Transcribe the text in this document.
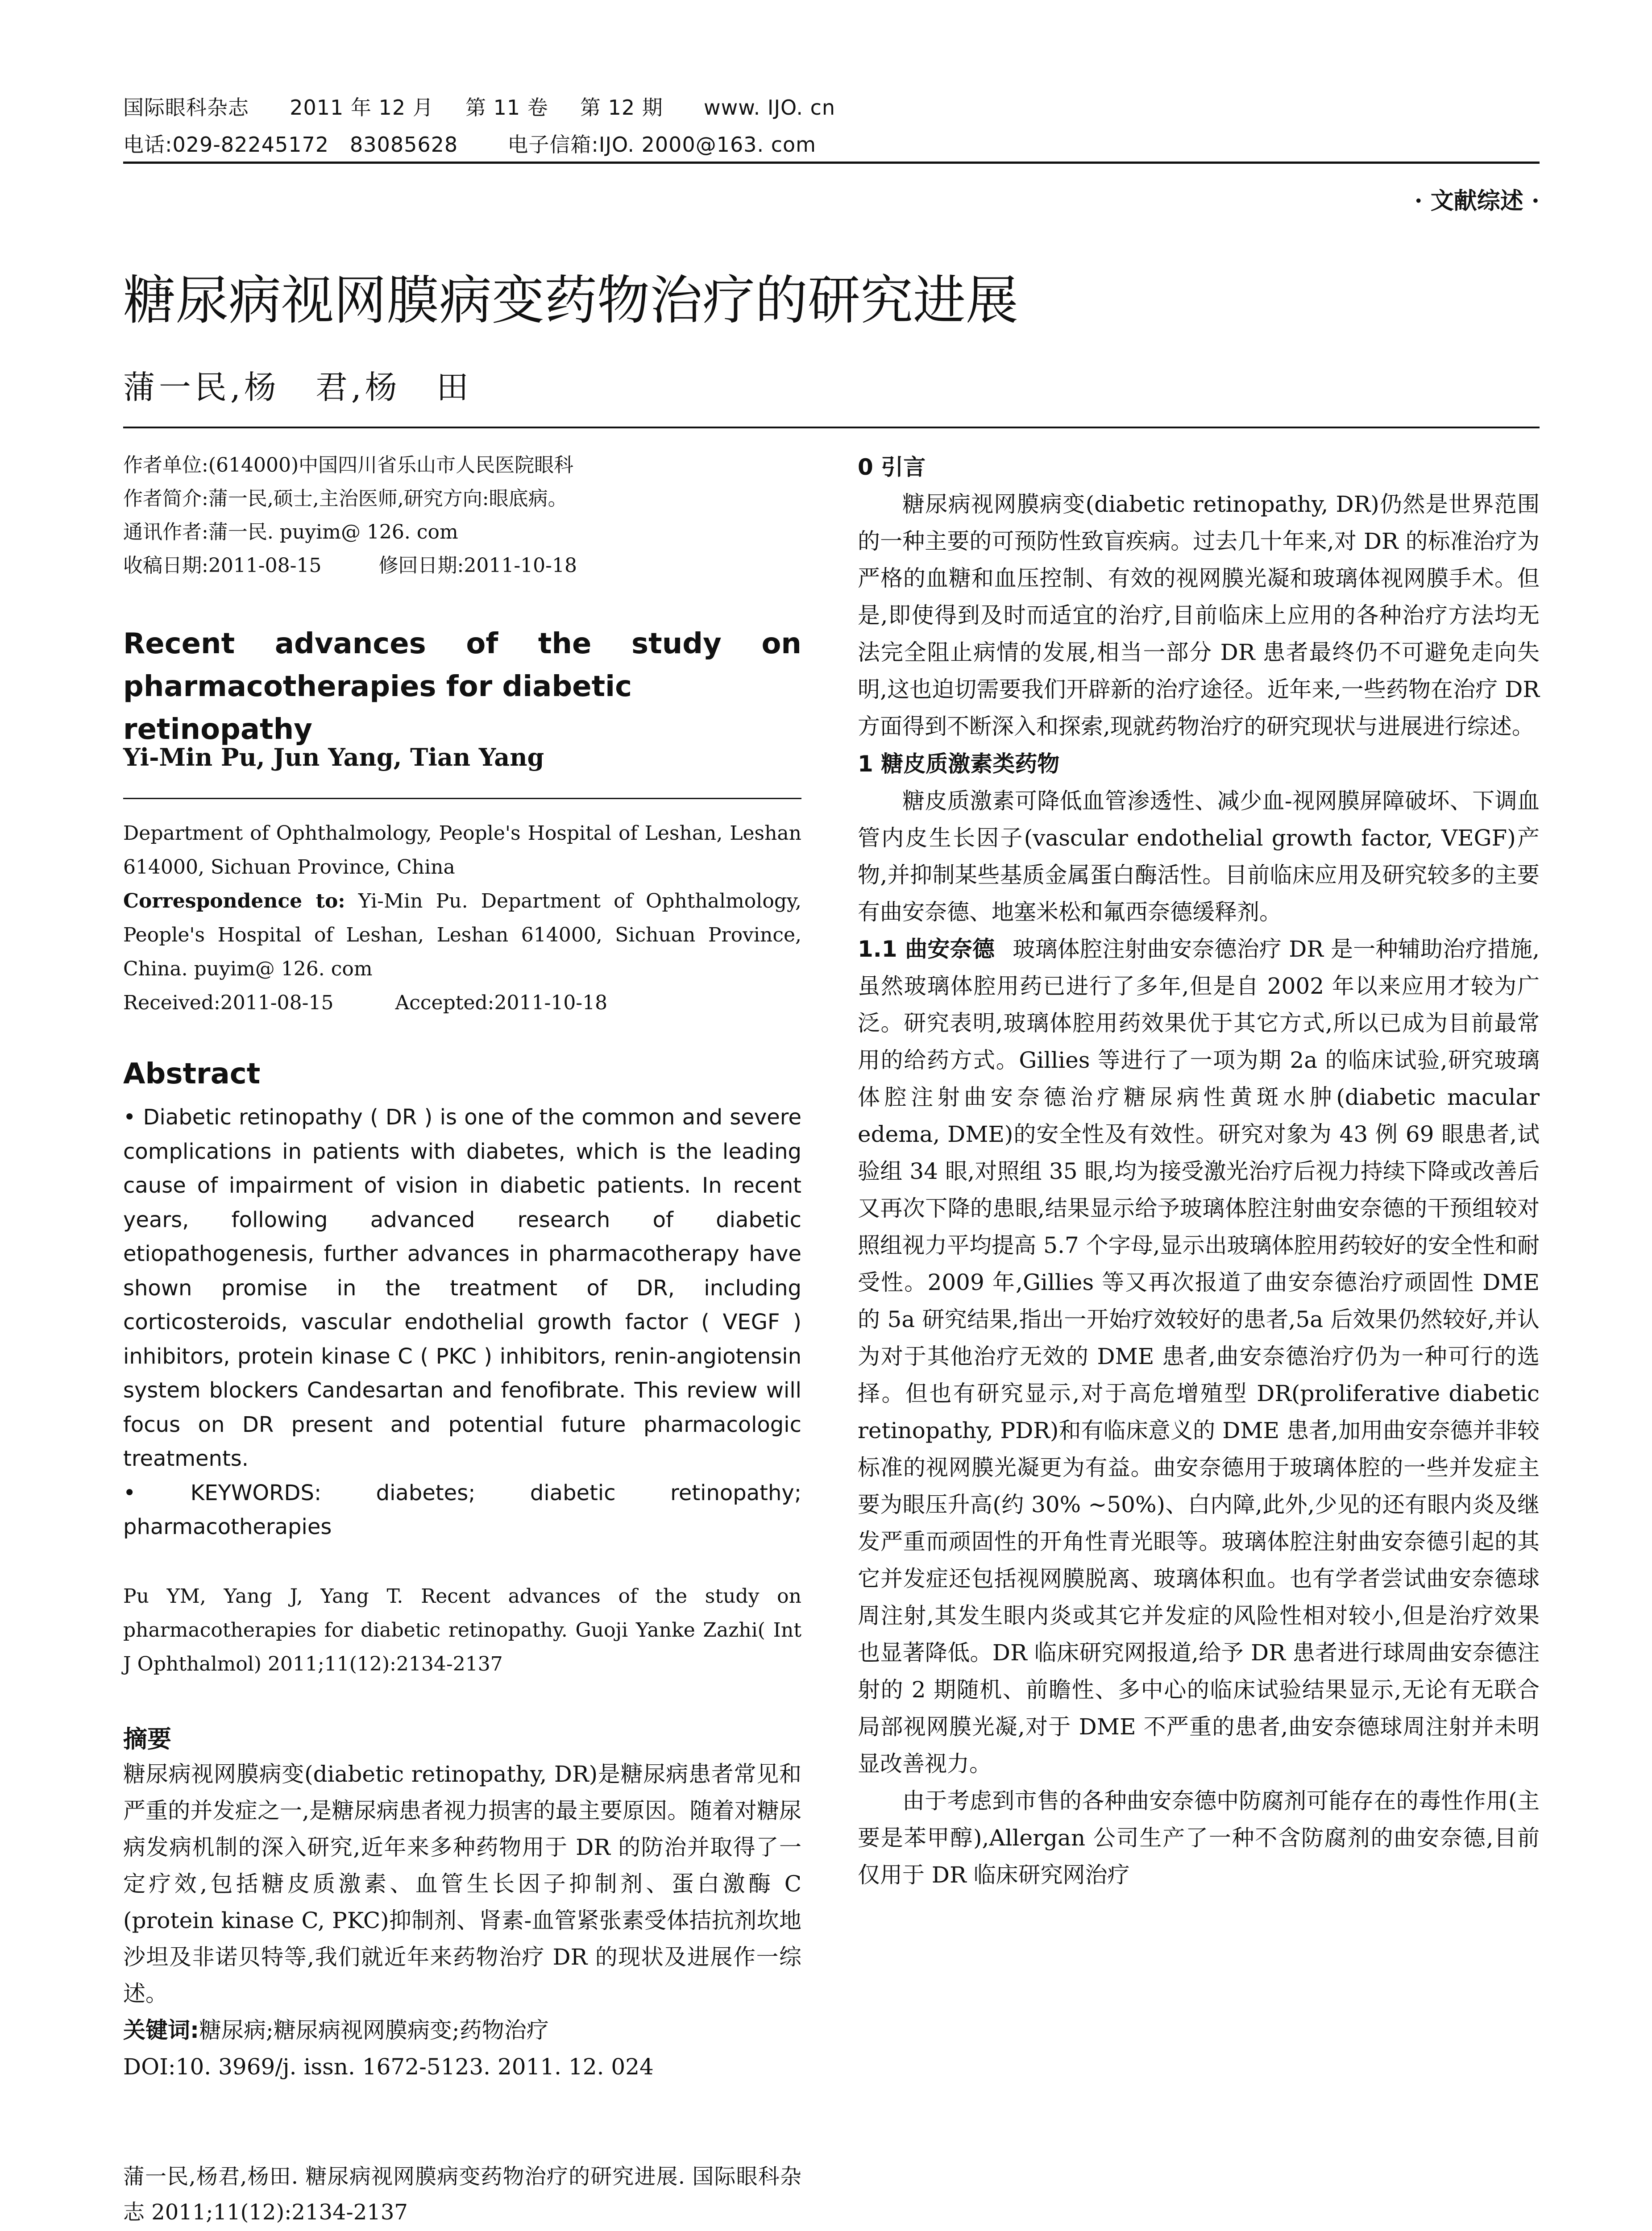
国际眼科杂志 2011 年 12 月 第 11 卷 第 12 期 www. IJO. cn
电话:029-82245172　83085628 电子信箱:IJO. 2000@163. com
· 文献综述 ·
糖尿病视网膜病变药物治疗的研究进展
蒲一民,杨　君,杨　田
作者单位:(614000)中国四川省乐山市人民医院眼科
作者简介:蒲一民,硕士,主治医师,研究方向:眼底病。
通讯作者:蒲一民. puyim@ 126. com
收稿日期:2011-08-15	修回日期:2011-10-18
Recent　advances　of　the　study　on
pharmacotherapies for diabetic retinopathy
Yi-Min Pu, Jun Yang, Tian Yang

Department of Ophthalmology, People's Hospital of Leshan, Leshan 614000, Sichuan Province, China

Correspondence to: Yi-Min Pu. Department of Ophthalmology, People's Hospital of Leshan, Leshan 614000, Sichuan Province, China. puyim@ 126. com

Received:2011-08-15	Accepted:2011-10-18
Abstract

• Diabetic retinopathy ( DR ) is one of the common and severe complications in patients with diabetes, which is the leading cause of impairment of vision in diabetic patients. In recent years, following advanced research of diabetic etiopathogenesis, further advances in pharmacotherapy have shown promise in the treatment of DR, including corticosteroids, vascular endothelial growth factor ( VEGF ) inhibitors, protein kinase C ( PKC ) inhibitors, renin-angiotensin system blockers Candesartan and fenofibrate. This review will focus on DR present and potential future pharmacologic treatments.

• KEYWORDS: diabetes; diabetic retinopathy; pharmacotherapies

Pu YM, Yang J, Yang T. Recent advances of the study on pharmacotherapies for diabetic retinopathy. Guoji Yanke Zazhi( Int J Ophthalmol) 2011;11(12):2134-2137

摘要

糖尿病视网膜病变(diabetic retinopathy, DR)是糖尿病患者常见和严重的并发症之一,是糖尿病患者视力损害的最主要原因。随着对糖尿病发病机制的深入研究,近年来多种药物用于 DR 的防治并取得了一定疗效,包括糖皮质激素、血管生长因子抑制剂、蛋白激酶 C (protein kinase C, PKC)抑制剂、肾素-血管紧张素受体拮抗剂坎地沙坦及非诺贝特等,我们就近年来药物治疗 DR 的现状及进展作一综述。

关键词:糖尿病;糖尿病视网膜病变;药物治疗
DOI:10. 3969/j. issn. 1672-5123. 2011. 12. 024

蒲一民,杨君,杨田. 糖尿病视网膜病变药物治疗的研究进展. 国际眼科杂志 2011;11(12):2134-2137

0 引言

糖尿病视网膜病变(diabetic retinopathy, DR)仍然是世界范围的一种主要的可预防性致盲疾病。过去几十年来,对 DR 的标准治疗为严格的血糖和血压控制、有效的视网膜光凝和玻璃体视网膜手术。但是,即使得到及时而适宜的治疗,目前临床上应用的各种治疗方法均无法完全阻止病情的发展,相当一部分 DR 患者最终仍不可避免走向失明,这也迫切需要我们开辟新的治疗途径。近年来,一些药物在治疗 DR 方面得到不断深入和探索,现就药物治疗的研究现状与进展进行综述。

1 糖皮质激素类药物

糖皮质激素可降低血管渗透性、减少血-视网膜屏障破坏、下调血管内皮生长因子(vascular endothelial growth factor, VEGF)产物,并抑制某些基质金属蛋白酶活性。目前临床应用及研究较多的主要有曲安奈德、地塞米松和氟西奈德缓释剂。

1.1 曲安奈德 玻璃体腔注射曲安奈德治疗 DR 是一种辅助治疗措施,虽然玻璃体腔用药已进行了多年,但是自 2002 年以来应用才较为广泛。研究表明,玻璃体腔用药效果优于其它方式,所以已成为目前最常用的给药方式。Gillies 等进行了一项为期 2a 的临床试验,研究玻璃体腔注射曲安奈德治疗糖尿病性黄斑水肿(diabetic macular edema, DME)的安全性及有效性。研究对象为 43 例 69 眼患者,试验组 34 眼,对照组 35 眼,均为接受激光治疗后视力持续下降或改善后又再次下降的患眼,结果显示给予玻璃体腔注射曲安奈德的干预组较对照组视力平均提高 5.7 个字母,显示出玻璃体腔用药较好的安全性和耐受性。2009 年,Gillies 等又再次报道了曲安奈德治疗顽固性 DME 的 5a 研究结果,指出一开始疗效较好的患者,5a 后效果仍然较好,并认为对于其他治疗无效的 DME 患者,曲安奈德治疗仍为一种可行的选择。但也有研究显示,对于高危增殖型 DR(proliferative diabetic retinopathy, PDR)和有临床意义的 DME 患者,加用曲安奈德并非较标准的视网膜光凝更为有益。曲安奈德用于玻璃体腔的一些并发症主要为眼压升高(约 30% ~50%)、白内障,此外,少见的还有眼内炎及继发严重而顽固性的开角性青光眼等。玻璃体腔注射曲安奈德引起的其它并发症还包括视网膜脱离、玻璃体积血。也有学者尝试曲安奈德球周注射,其发生眼内炎或其它并发症的风险性相对较小,但是治疗效果也显著降低。DR 临床研究网报道,给予 DR 患者进行球周曲安奈德注射的 2 期随机、前瞻性、多中心的临床试验结果显示,无论有无联合局部视网膜光凝,对于 DME 不严重的患者,曲安奈德球周注射并未明显改善视力。

由于考虑到市售的各种曲安奈德中防腐剂可能存在的毒性作用(主要是苯甲醇),Allergan 公司生产了一种不含防腐剂的曲安奈德,目前仅用于 DR 临床研究网治疗
